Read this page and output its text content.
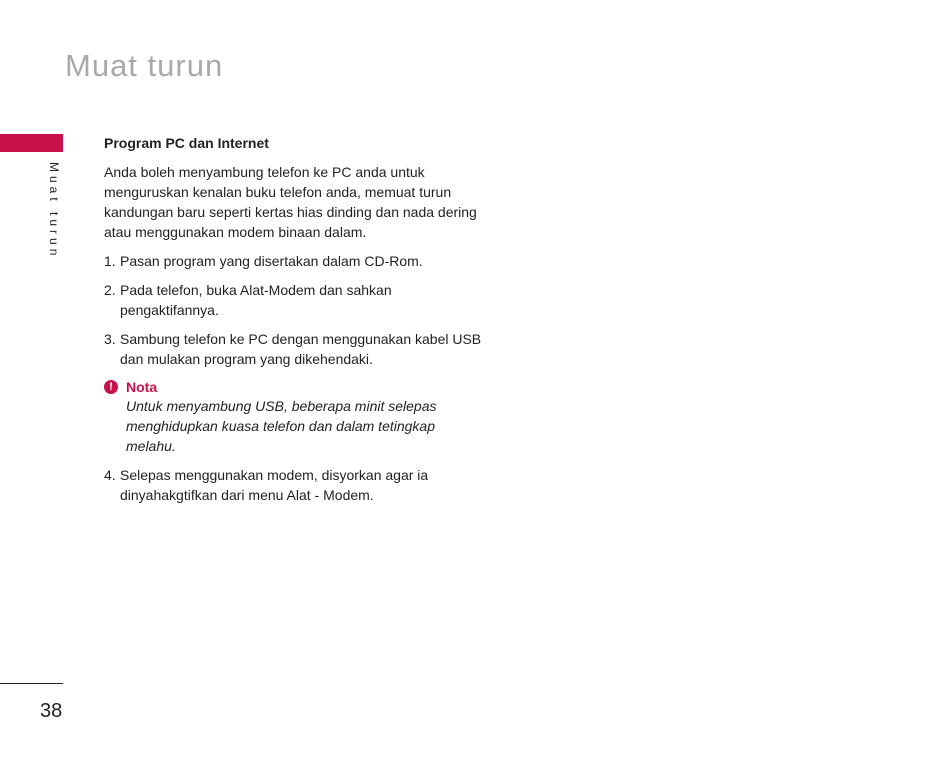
Muat turun
Muat turun
Program PC dan Internet

Anda boleh menyambung telefon ke PC anda untuk menguruskan kenalan buku telefon anda, memuat turun kandungan baru seperti kertas hias dinding dan nada dering atau menggunakan modem binaan dalam.

1. Pasan program yang disertakan dalam CD-Rom.
2. Pada telefon, buka Alat-Modem dan sahkan pengaktifannya.
3. Sambung telefon ke PC dengan menggunakan kabel USB dan mulakan program yang dikehendaki.
! Nota
Untuk menyambung USB, beberapa minit selepas menghidupkan kuasa telefon dan dalam tetingkap melahu.
4. Selepas menggunakan modem, disyorkan agar ia dinyahakgtifkan dari menu Alat - Modem.
38
